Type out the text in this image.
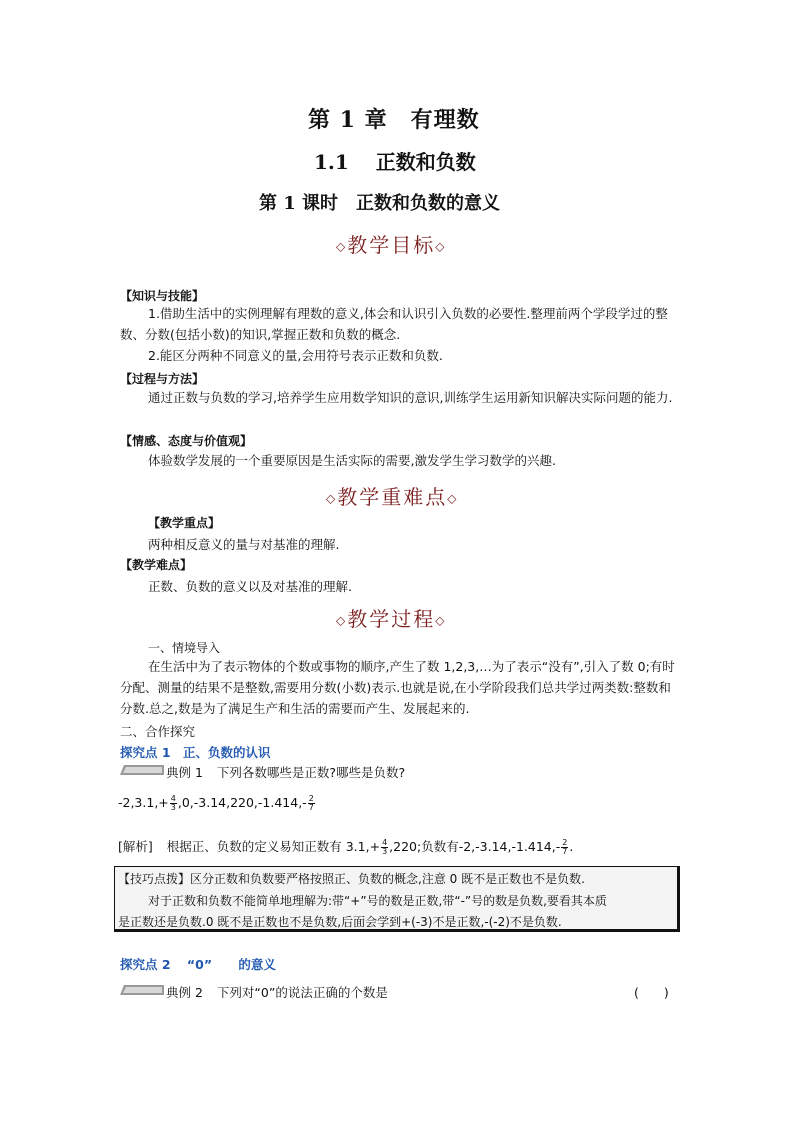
第 1 章　有理数
1.1　 正数和负数
第 1 课时　正数和负数的意义
◇教学目标◇
【知识与技能】
1.借助生活中的实例理解有理数的意义,体会和认识引入负数的必要性.整理前两个学段学过的整数、分数(包括小数)的知识,掌握正数和负数的概念.
2.能区分两种不同意义的量,会用符号表示正数和负数.
【过程与方法】
通过正数与负数的学习,培养学生应用数学知识的意识,训练学生运用新知识解决实际问题的能力.
【情感、态度与价值观】
体验数学发展的一个重要原因是生活实际的需要,激发学生学习数学的兴趣.
◇教学重难点◇
【教学重点】
两种相反意义的量与对基准的理解.
【教学难点】
正数、负数的意义以及对基准的理解.
◇教学过程◇
一、情境导入
在生活中为了表示物体的个数或事物的顺序,产生了数 1,2,3,…为了表示“没有”,引入了数 0;有时分配、测量的结果不是整数,需要用分数(小数)表示.也就是说,在小学阶段我们总共学过两类数:整数和分数.总之,数是为了满足生产和生活的需要而产生、发展起来的.
二、合作探究
探究点 1　正、负数的认识
典例 1 下列各数哪些是正数?哪些是负数?
$-2,3.1,+ \frac{4}{3} ,0,-3.14,220,-1.414,- \frac{2}{7}$
[解析] 根据正、负数的定义易知正数有 $3.1,+ \frac{4}{3} ,220$;负数有$-2,-3.14,-1.414,- \frac{2}{7}$ .
【技巧点拨】区分正数和负数要严格按照正、负数的概念,注意 0 既不是正数也不是负数.
对于正数和负数不能简单地理解为:带“+”号的数是正数,带“-”号的数是负数,要看其本质
是正数还是负数.0 既不是正数也不是负数,后面会学到+(-3)不是正数,-(-2)不是负数.
探究点 2 “0” 的意义
典例 2 下列对“0”的说法正确的个数是	(　　)
